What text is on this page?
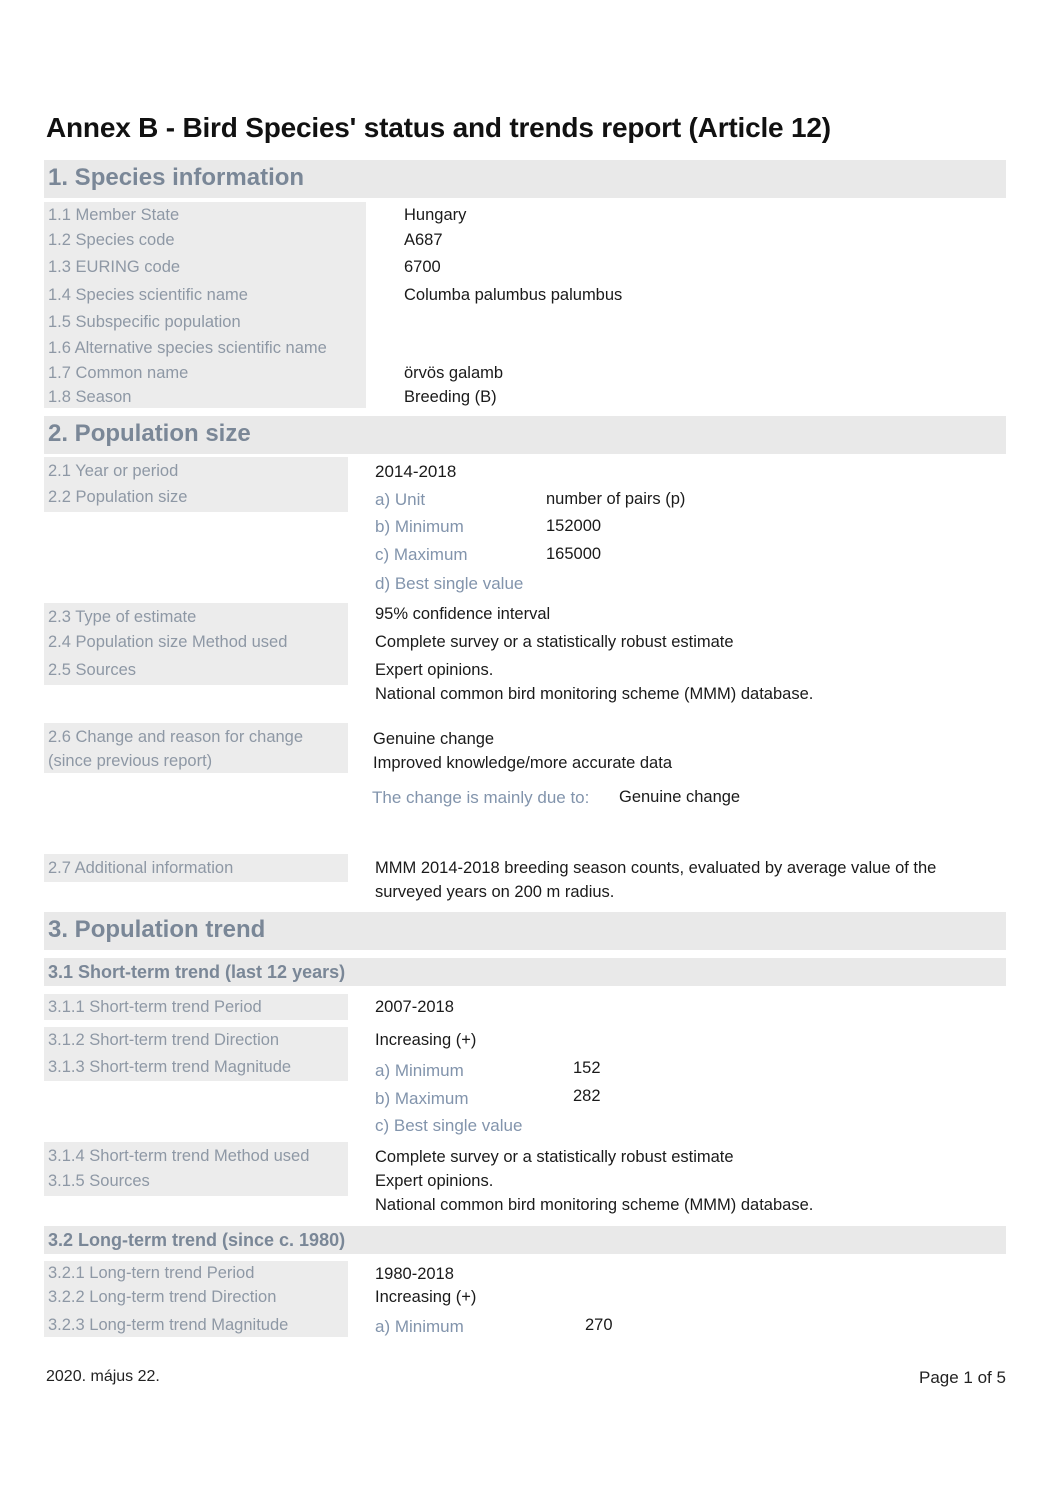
Annex B - Bird Species' status and trends report (Article 12)
1. Species information
1.1 Member State	Hungary
1.2 Species code	A687
1.3 EURING code	6700
1.4 Species scientific name	Columba palumbus palumbus
1.5 Subspecific population
1.6 Alternative species scientific name
1.7 Common name	örvös galamb
1.8 Season	Breeding (B)
2. Population size
2.1 Year or period	2014-2018
2.2 Population size	a) Unit	number of pairs (p)
b) Minimum	152000
c) Maximum	165000
d) Best single value
2.3 Type of estimate	95% confidence interval
2.4 Population size Method used	Complete survey or a statistically robust estimate
2.5 Sources	Expert opinions.
National common bird monitoring scheme (MMM) database.
2.6 Change and reason for change
(since previous report)
Genuine change
Improved knowledge/more accurate data
The change is mainly due to: Genuine change
2.7 Additional information	MMM 2014-2018 breeding season counts, evaluated by average value of the
surveyed years on 200 m radius.
3. Population trend
3.1 Short-term trend (last 12 years)
3.1.1 Short-term trend Period	2007-2018
3.1.2 Short-term trend Direction	Increasing (+)
3.1.3 Short-term trend Magnitude	a) Minimum	152
b) Maximum	282
c) Best single value
3.1.4 Short-term trend Method used	Complete survey or a statistically robust estimate
3.1.5 Sources	Expert opinions.
National common bird monitoring scheme (MMM) database.
3.2 Long-term trend (since c. 1980)
3.2.1 Long-tern trend Period	1980-2018
3.2.2 Long-term trend Direction	Increasing (+)
3.2.3 Long-term trend Magnitude	a) Minimum	270
2020. május 22.	Page 1 of 5
